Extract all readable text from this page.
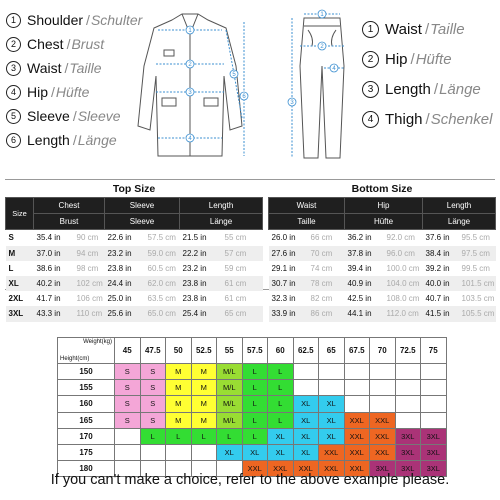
1 Shoulder / Schulter
2 Chest / Brust
3 Waist / Taille
4 Hip / Hüfte
5 Sleeve / Sleeve
6 Length / Länge
1
2
3
4
5
6
1
2
4
3
1 Waist / Taille
2 Hip / Hüfte
3 Length / Länge
4 Thigh / Schenkel
Top Size						
Size	Chest		Sleeve		Length	
	Brust		Sleeve		Länge	
S	35.4 in	90 cm	22.6 in	57.5 cm	21.5 in	55 cm
M	37.0 in	94 cm	23.2 in	59.0 cm	22.2 in	57 cm
L	38.6 in	98 cm	23.8 in	60.5 cm	23.2 in	59 cm
XL	40.2 in	102 cm	24.4 in	62.0 cm	23.8 in	61 cm
2XL	41.7 in	106 cm	25.0 in	63.5 cm	23.8 in	61 cm
3XL	43.3 in	110 cm	25.6 in	65.0 cm	25.4 in	65 cm
Bottom Size					
Waist		Hip		Length	
Taille		Hüfte		Länge	
26.0 in	66 cm	36.2 in	92.0 cm	37.6 in	95.5 cm
27.6 in	70 cm	37.8 in	96.0 cm	38.4 in	97.5 cm
29.1 in	74 cm	39.4 in	100.0 cm	39.2 in	99.5 cm
30.7 in	78 cm	40.9 in	104.0 cm	40.0 in	101.5 cm
32.3 in	82 cm	42.5 in	108.0 cm	40.7 in	103.5 cm
33.9 in	86 cm	44.1 in	112.0 cm	41.5 in	105.5 cm
Weight(kg)
Height(cm)	45	47.5	50	52.5	55	57.5	60	62.5	65	67.5	70	72.5	75
150	S	S	M	M	M/L	L	L						
155	S	S	M	M	M/L	L	L						
160	S	S	M	M	M/L	L	L	XL	XL				
165	S	S	M	M	M/L	L	L	XL	XL	XXL	XXL		
170		L	L	L	L	L	XL	XL	XL	XXL	XXL	3XL	3XL
175					XL	XL	XL	XL	XXL	XXL	XXL	3XL	3XL
180						XXL	XXL	XXL	XXL	XXL	3XL	3XL	3XL
If you can't make a choice, refer to the above example please.
